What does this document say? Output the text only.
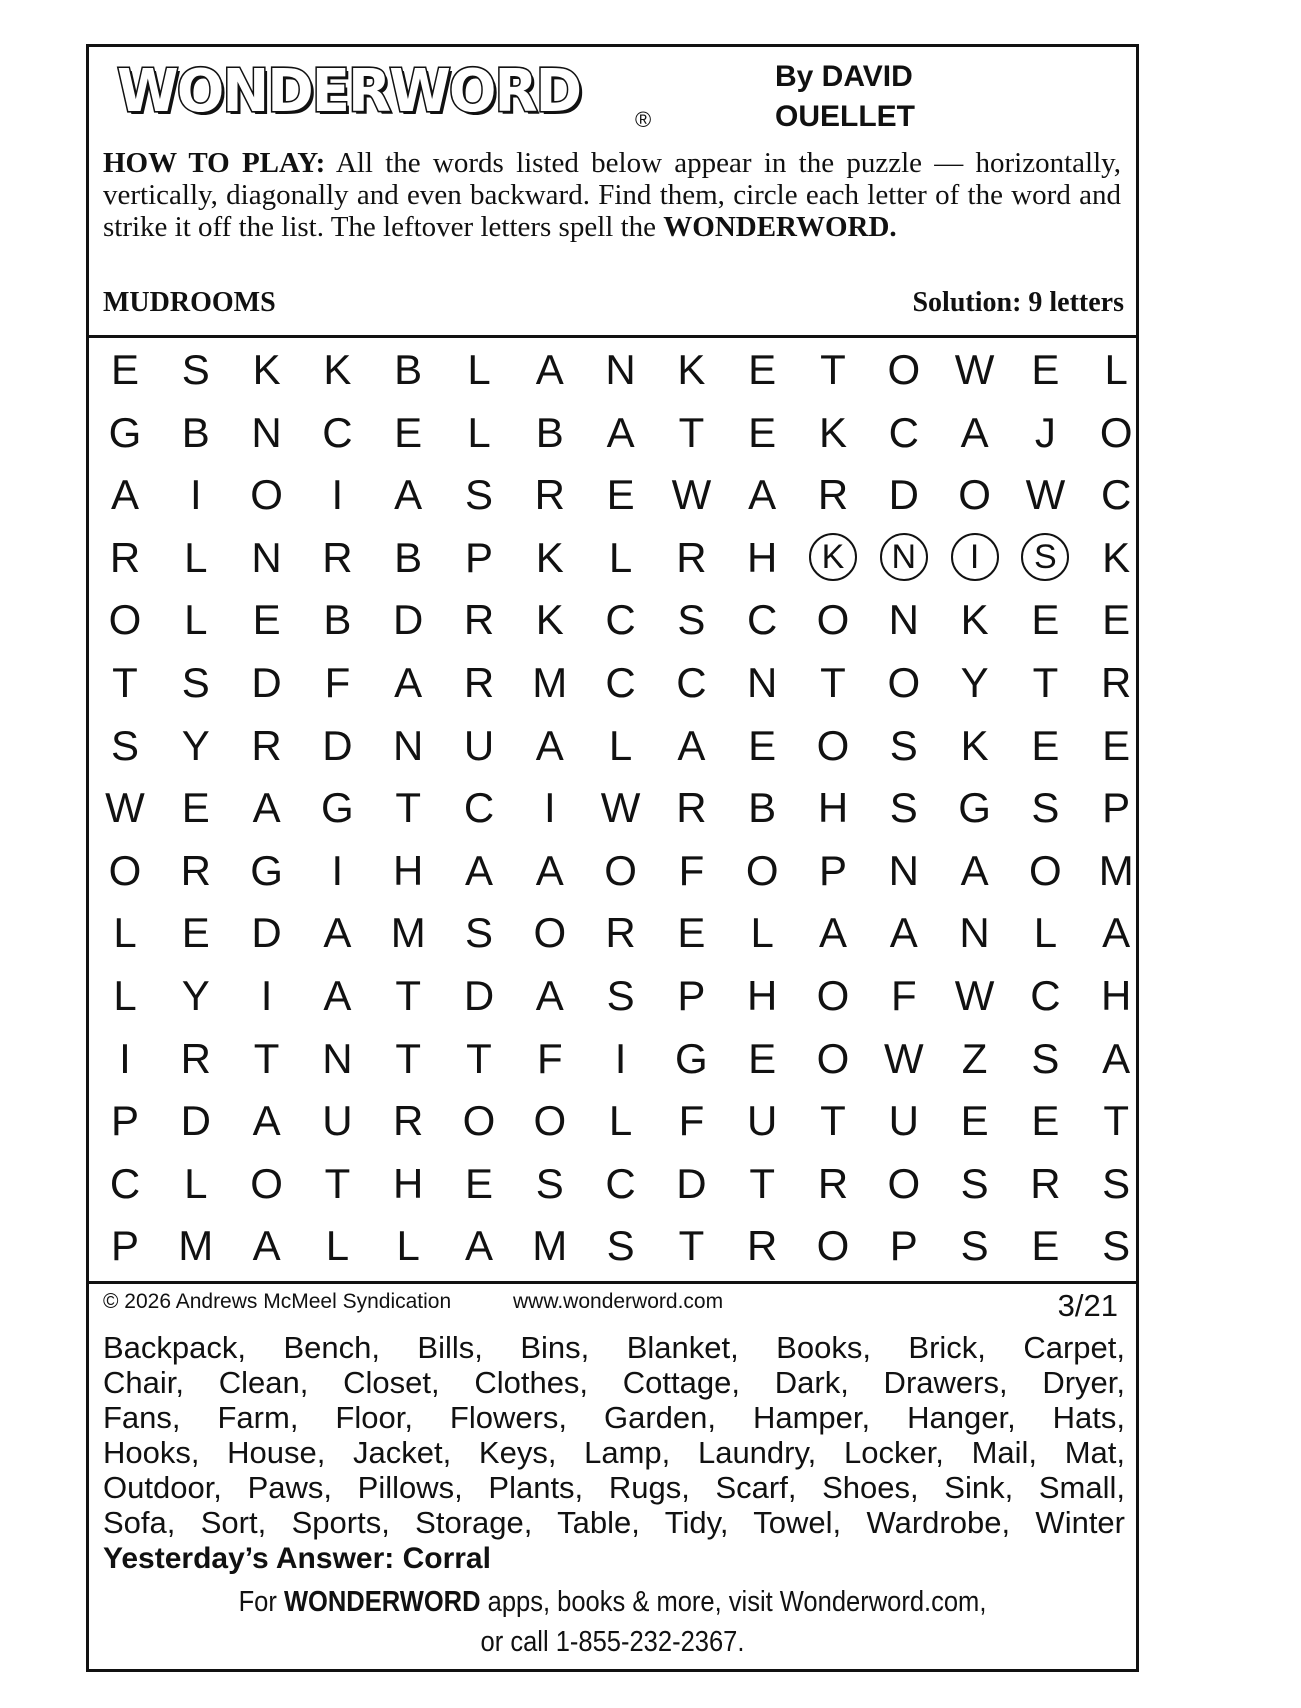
WONDERWORD ®
By DAVID
OUELLET
HOW TO PLAY: All the words listed below appear in the puzzle — horizontally, vertically, diagonally and even backward. Find them, circle each letter of the word and strike it off the list. The leftover letters spell the WONDERWORD.
MUDROOMS	Solution: 9 letters
E	S	K	K	B	L	A N K	E	T O W E	L
G B N C E	L	B	A	T	E	K C A	J	O
A	I	O	I	A	S R E W A R D O W C
R	L	N R B	P	K	L	R H	K	N	I	S	K
O	L	E	B D R K C S C O N K	E	E
T	S D	F	A R M C C N	T O Y	T	R
S	Y R D N U A	L	A	E O S	K	E	E
W E	A G T	C	I	W R B H S G S	P
O R G	I	H A	A O F O P N A O M
L	E D A M S O R E	L	A	A N	L	A
L	Y	I	A	T	D A	S	P H O F W C H
I	R	T	N	T	T	F	I	G E O W Z	S	A
P D A U R O O	L	F	U	T	U E	E	T
C	L	O T	H E	S C D	T	R O S R S
P M A	L	L	A M S	T	R O P	S	E	S
© 2026 Andrews McMeel Syndication	www.wonderword.com	3/21
Backpack, Bench, Bills, Bins, Blanket, Books, Brick, Carpet,
Chair, Clean, Closet, Clothes, Cottage, Dark, Drawers, Dryer,
Fans, Farm, Floor, Flowers, Garden, Hamper, Hanger, Hats,
Hooks, House, Jacket, Keys, Lamp, Laundry, Locker, Mail, Mat,
Outdoor, Paws, Pillows, Plants, Rugs, Scarf, Shoes, Sink, Small,
Sofa, Sort, Sports, Storage, Table, Tidy, Towel, Wardrobe, Winter
Yesterday’s Answer: Corral
For WONDERWORD apps, books & more, visit Wonderword.com,
or call 1-855-232-2367.
